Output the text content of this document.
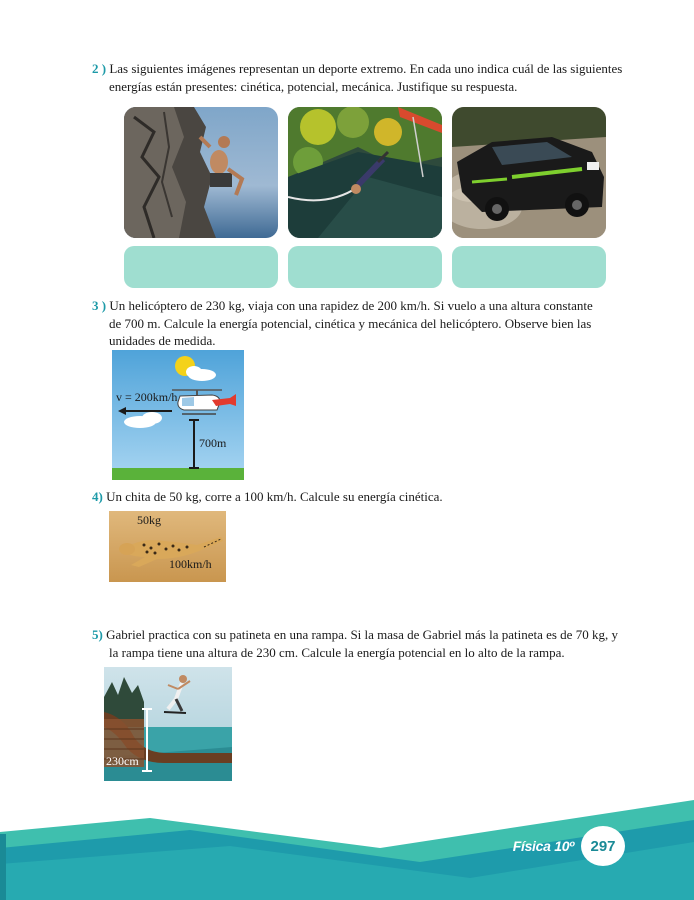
2 ) Las siguientes imágenes representan un deporte extremo. En cada uno indica cuál de las siguientes
energías están presentes: cinética, potencial, mecánica. Justifique su respuesta.
3 ) Un helicóptero de 230 kg, viaja con una rapidez de 200 km/h. Si vuelo a una altura constante
de 700 m. Calcule la energía potencial, cinética y mecánica del helicóptero. Observe bien las
unidades de medida.
v = 200km/h
700m
4) Un chita de 50 kg, corre a 100 km/h. Calcule su energía cinética.
50kg
100km/h
5) Gabriel practica con su patineta en una rampa. Si la masa de Gabriel más la patineta es de 70 kg, y
la rampa tiene una altura de 230 cm. Calcule la energía potencial en lo alto de la rampa.
230cm
Física 10º	297
